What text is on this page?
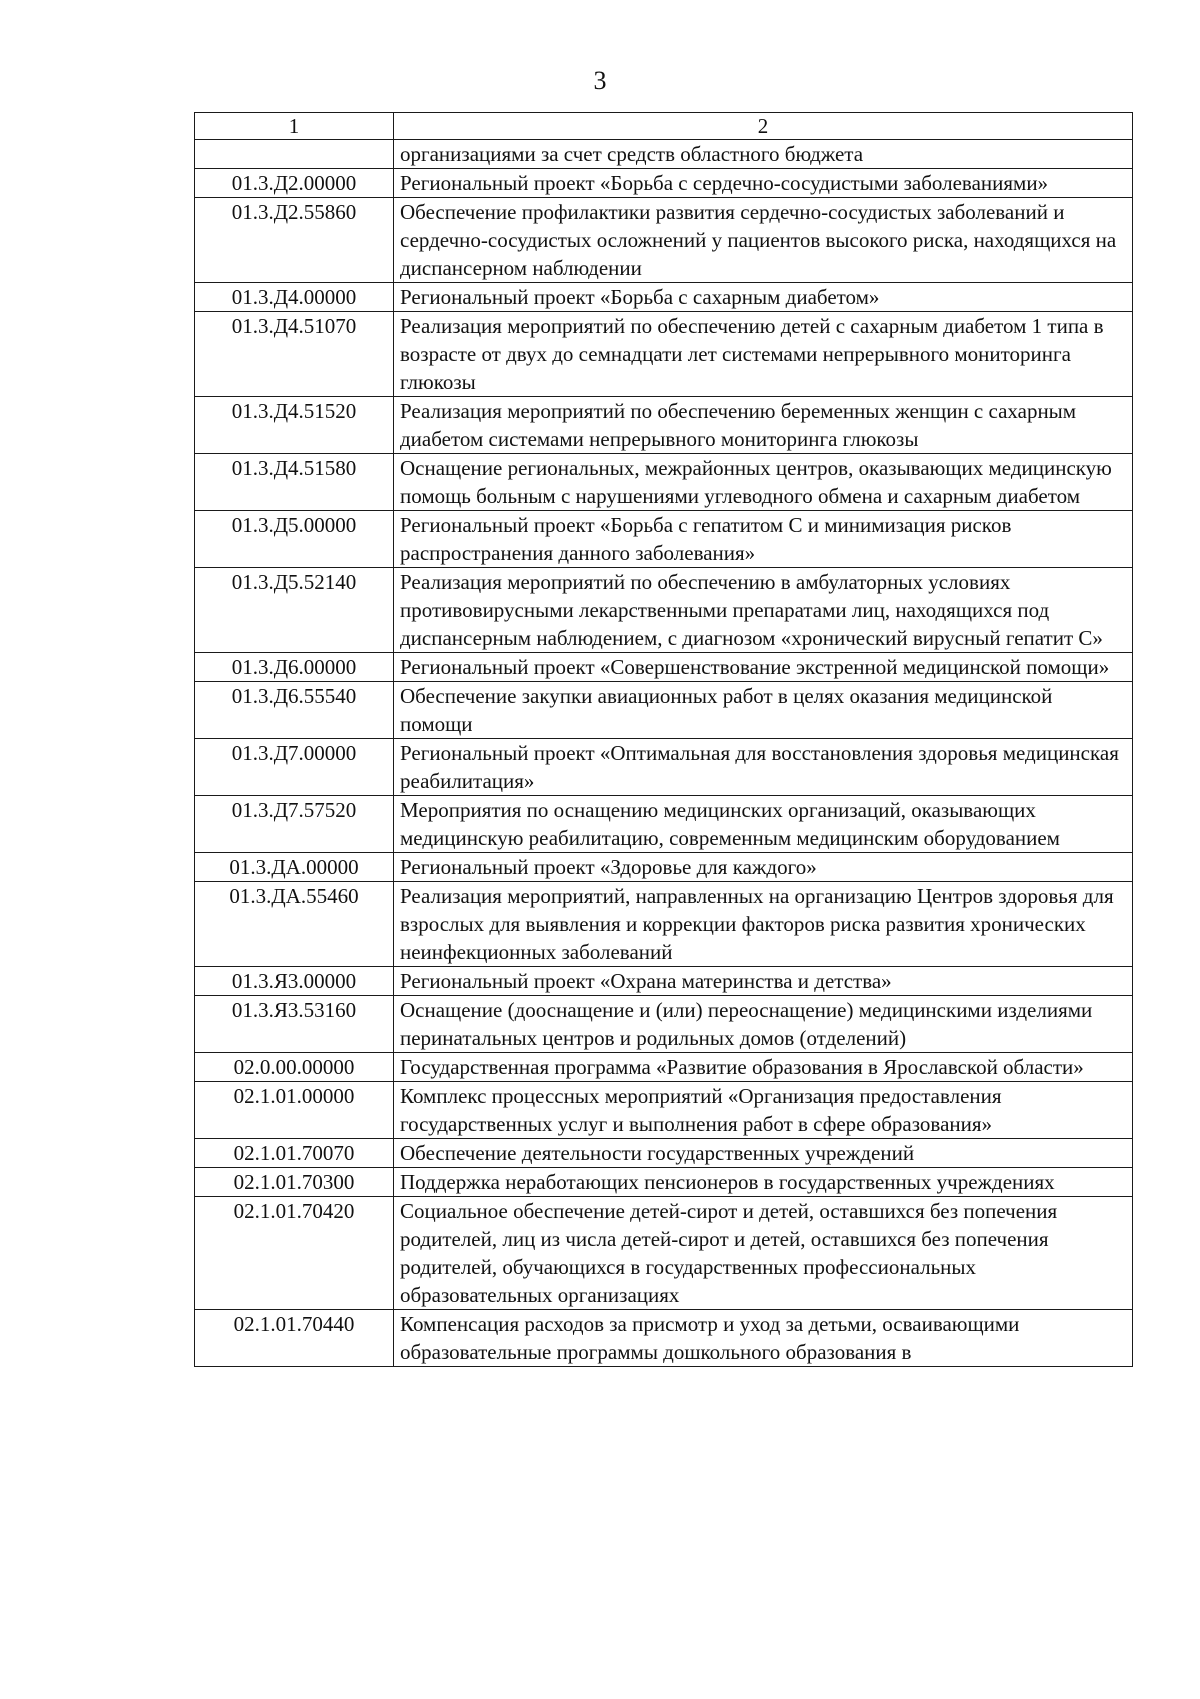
3
1	2
	организациями за счет средств областного бюджета
01.3.Д2.00000	Региональный проект «Борьба с сердечно-сосудистыми заболеваниями»
01.3.Д2.55860	Обеспечение профилактики развития сердечно-сосудистых заболеваний и сердечно-сосудистых осложнений у пациентов высокого риска, находящихся на диспансерном наблюдении
01.3.Д4.00000	Региональный проект «Борьба с сахарным диабетом»
01.3.Д4.51070	Реализация мероприятий по обеспечению детей с сахарным диабетом 1 типа в возрасте от двух до семнадцати лет системами непрерывного мониторинга глюкозы
01.3.Д4.51520	Реализация мероприятий по обеспечению беременных женщин с сахарным диабетом системами непрерывного мониторинга глюкозы
01.3.Д4.51580	Оснащение региональных, межрайонных центров, оказывающих медицинскую помощь больным с нарушениями углеводного обмена и сахарным диабетом
01.3.Д5.00000	Региональный проект «Борьба с гепатитом С и минимизация рисков распространения данного заболевания»
01.3.Д5.52140	Реализация мероприятий по обеспечению в амбулаторных условиях противовирусными лекарственными препаратами лиц, находящихся под диспансерным наблюдением, с диагнозом «хронический вирусный гепатит С»
01.3.Д6.00000	Региональный проект «Совершенствование экстренной медицинской помощи»
01.3.Д6.55540	Обеспечение закупки авиационных работ в целях оказания медицинской помощи
01.3.Д7.00000	Региональный проект «Оптимальная для восстановления здоровья медицинская реабилитация»
01.3.Д7.57520	Мероприятия по оснащению медицинских организаций, оказывающих медицинскую реабилитацию, современным медицинским оборудованием
01.3.ДА.00000	Региональный проект «Здоровье для каждого»
01.3.ДА.55460	Реализация мероприятий, направленных на организацию Центров здоровья для взрослых для выявления и коррекции факторов риска развития хронических неинфекционных заболеваний
01.3.Я3.00000	Региональный проект «Охрана материнства и детства»
01.3.Я3.53160	Оснащение (дооснащение и (или) переоснащение) медицинскими изделиями перинатальных центров и родильных домов (отделений)
02.0.00.00000	Государственная программа «Развитие образования в Ярославской области»
02.1.01.00000	Комплекс процессных мероприятий «Организация предоставления государственных услуг и выполнения работ в сфере образования»
02.1.01.70070	Обеспечение деятельности государственных учреждений
02.1.01.70300	Поддержка неработающих пенсионеров в государственных учреждениях
02.1.01.70420	Социальное обеспечение детей-сирот и детей, оставшихся без попечения родителей, лиц из числа детей-сирот и детей, оставшихся без попечения родителей, обучающихся в государственных профессиональных образовательных организациях
02.1.01.70440	Компенсация расходов за присмотр и уход за детьми, осваивающими образовательные программы дошкольного образования в
